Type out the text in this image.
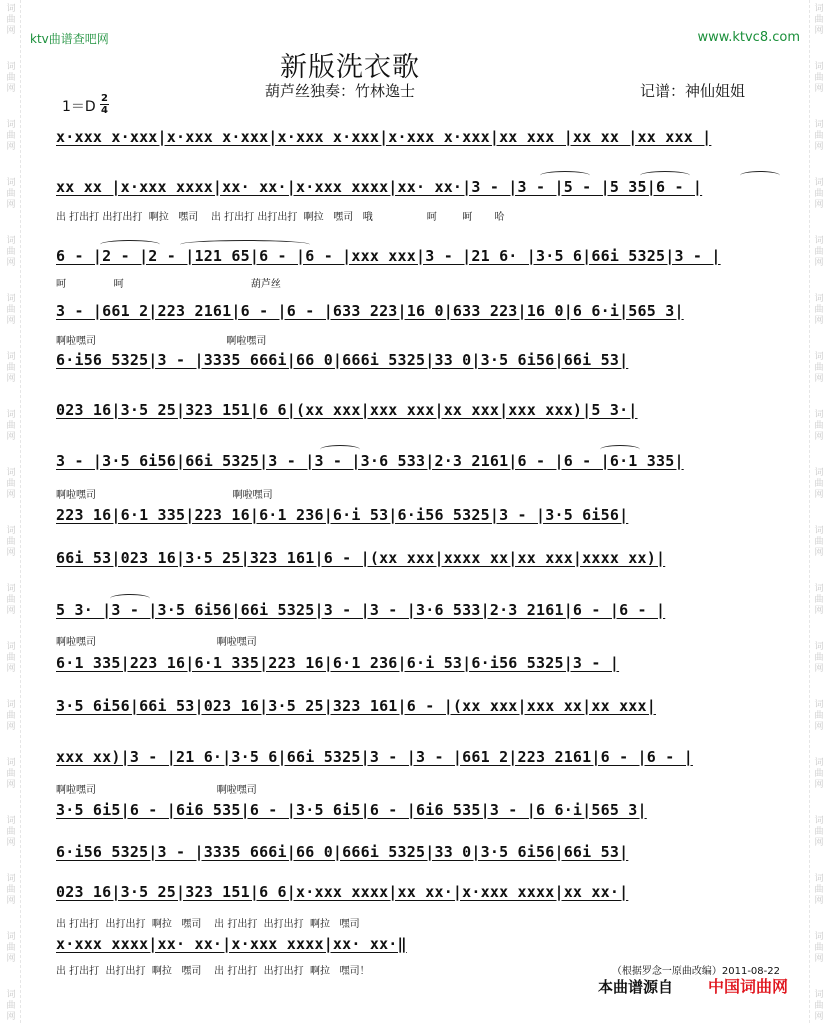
词
曲
网
词
曲
网
词
曲
网
词
曲
网
词
曲
网
词
曲
网
词
曲
网
词
曲
网
词
曲
网
词
曲
网
词
曲
网
词
曲
网
词
曲
网
词
曲
网
词
曲
网
词
曲
网
词
曲
网
词
曲
网
词
曲
网
词
曲
网
词
曲
网
词
曲
网
词
曲
网
词
曲
网
词
曲
网
词
曲
网
词
曲
网
词
曲
网
词
曲
网
词
曲
网
词
曲
网
词
曲
网
词
曲
网
词
曲
网
词
曲
网
词
曲
网
ktv曲谱查吧网	www.ktvc8.com
新版洗衣歌
葫芦丝独奏：竹林逸士	记谱：神仙姐姐
1＝D
2
4
x·xxx x·xxx|x·xxx x·xxx|x·xxx x·xxx|x·xxx x·xxx|xx xxx |xx xx |xx xxx |
xx xx |x·xxx xxxx|xx· xx·|x·xxx xxxx|xx· xx·|3 - |3 - |5 - |5 35|6 - |
出 打出打 出打出打  啊拉   嘿司    出 打出打 出打出打  啊拉   嘿司   哦                 呵        呵       哈
6 - |2 - |2 - |121 65|6 - |6 - |xxx xxx|3 - |21 6· |3·5 6|66i 5325|3 - |
呵               呵                                        葫芦丝
3 - |661 2|223 2161|6 - |6 - |633 223|16 0|633 223|16 0|6 6·i|565 3|
啊啦嘿司                                         啊啦嘿司
6·i56 5325|3 - |3335 666i|66 0|666i 5325|33 0|3·5 6i56|66i 53|
023 16|3·5 25|323 151|6 6|(xx xxx|xxx xxx|xx xxx|xxx xxx)|5 3·|
3 - |3·5 6i56|66i 5325|3 - |3 - |3·6 533|2·3 2161|6 - |6 - |6·1 335|
啊啦嘿司                                           啊啦嘿司
223 16|6·1 335|223 16|6·1 236|6·i 53|6·i56 5325|3 - |3·5 6i56|
66i 53|023 16|3·5 25|323 161|6 - |(xx xxx|xxxx xx|xx xxx|xxxx xx)|
5 3· |3 - |3·5 6i56|66i 5325|3 - |3 - |3·6 533|2·3 2161|6 - |6 - |
啊啦嘿司                                      啊啦嘿司
6·1 335|223 16|6·1 335|223 16|6·1 236|6·i 53|6·i56 5325|3 - |
3·5 6i56|66i 53|023 16|3·5 25|323 161|6 - |(xx xxx|xxx xx|xx xxx|
xxx xx)|3 - |21 6·|3·5 6|66i 5325|3 - |3 - |661 2|223 2161|6 - |6 - |
啊啦嘿司                                      啊啦嘿司
3·5 6i5|6 - |6i6 535|6 - |3·5 6i5|6 - |6i6 535|3 - |6 6·i|565 3|
6·i56 5325|3 - |3335 666i|66 0|666i 5325|33 0|3·5 6i56|66i 53|
023 16|3·5 25|323 151|6 6|x·xxx xxxx|xx xx·|x·xxx xxxx|xx xx·|
出 打出打  出打出打  啊拉   嘿司    出 打出打  出打出打  啊拉   嘿司
x·xxx xxxx|xx· xx·|x·xxx xxxx|xx· xx·‖
出 打出打  出打出打  啊拉   嘿司    出 打出打  出打出打  啊拉   嘿司！	（根据罗念一原曲改编）2011-08-22
本曲谱源自 中国词曲网
